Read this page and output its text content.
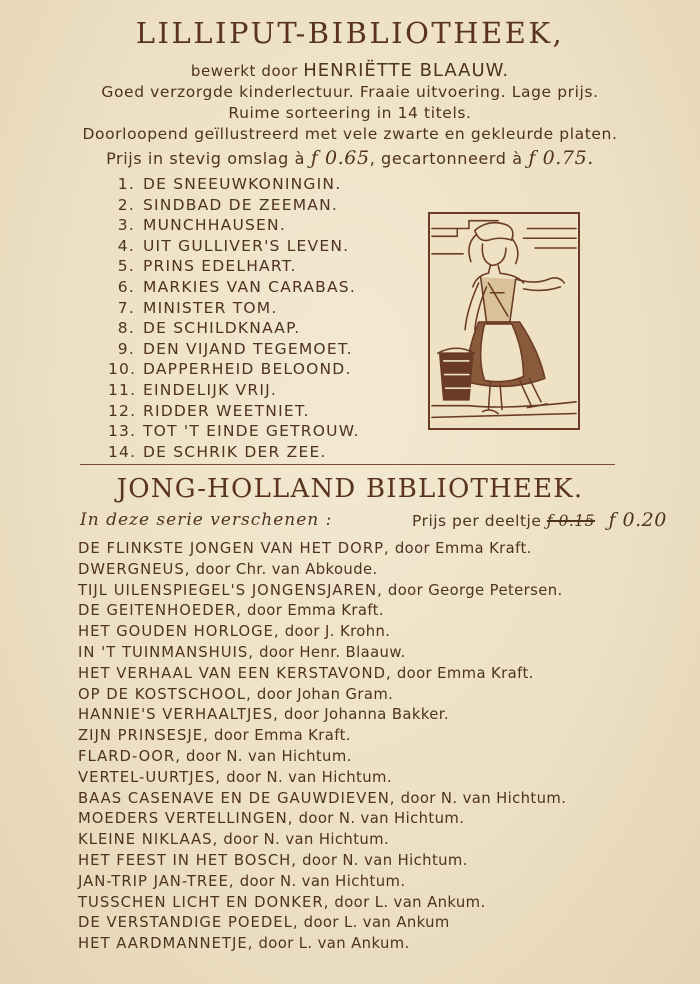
LILLIPUT-BIBLIOTHEEK,
bewerkt door HENRIËTTE BLAAUW.
Goed verzorgde kinderlectuur. Fraaie uitvoering. Lage prijs.
Ruime sorteering in 14 titels.
Doorloopend geïllustreerd met vele zwarte en gekleurde platen.
Prijs in stevig omslag à ƒ 0.65, gecartonneerd à ƒ 0.75.
1. DE SNEEUWKONINGIN.
2. SINDBAD DE ZEEMAN.
3. MUNCHHAUSEN.
4. UIT GULLIVER'S LEVEN.
5. PRINS EDELHART.
6. MARKIES VAN CARABAS.
7. MINISTER TOM.
8. DE SCHILDKNAAP.
9. DEN VIJAND TEGEMOET.
10. DAPPERHEID BELOOND.
11. EINDELIJK VRIJ.
12. RIDDER WEETNIET.
13. TOT 'T EINDE GETROUW.
14. DE SCHRIK DER ZEE.
JONG-HOLLAND BIBLIOTHEEK.
In deze serie verschenen :	Prijs per deeltje ƒ 0.15 ƒ 0.20
DE FLINKSTE JONGEN VAN HET DORP, door Emma Kraft.
DWERGNEUS, door Chr. van Abkoude.
TIJL UILENSPIEGEL'S JONGENSJAREN, door George Petersen.
DE GEITENHOEDER, door Emma Kraft.
HET GOUDEN HORLOGE, door J. Krohn.
IN 'T TUINMANSHUIS, door Henr. Blaauw.
HET VERHAAL VAN EEN KERSTAVOND, door Emma Kraft.
OP DE KOSTSCHOOL, door Johan Gram.
HANNIE'S VERHAALTJES, door Johanna Bakker.
ZIJN PRINSESJE, door Emma Kraft.
FLARD-OOR, door N. van Hichtum.
VERTEL-UURTJES, door N. van Hichtum.
BAAS CASENAVE EN DE GAUWDIEVEN, door N. van Hichtum.
MOEDERS VERTELLINGEN, door N. van Hichtum.
KLEINE NIKLAAS, door N. van Hichtum.
HET FEEST IN HET BOSCH, door N. van Hichtum.
JAN-TRIP JAN-TREE, door N. van Hichtum.
TUSSCHEN LICHT EN DONKER, door L. van Ankum.
DE VERSTANDIGE POEDEL, door L. van Ankum
HET AARDMANNETJE, door L. van Ankum.
